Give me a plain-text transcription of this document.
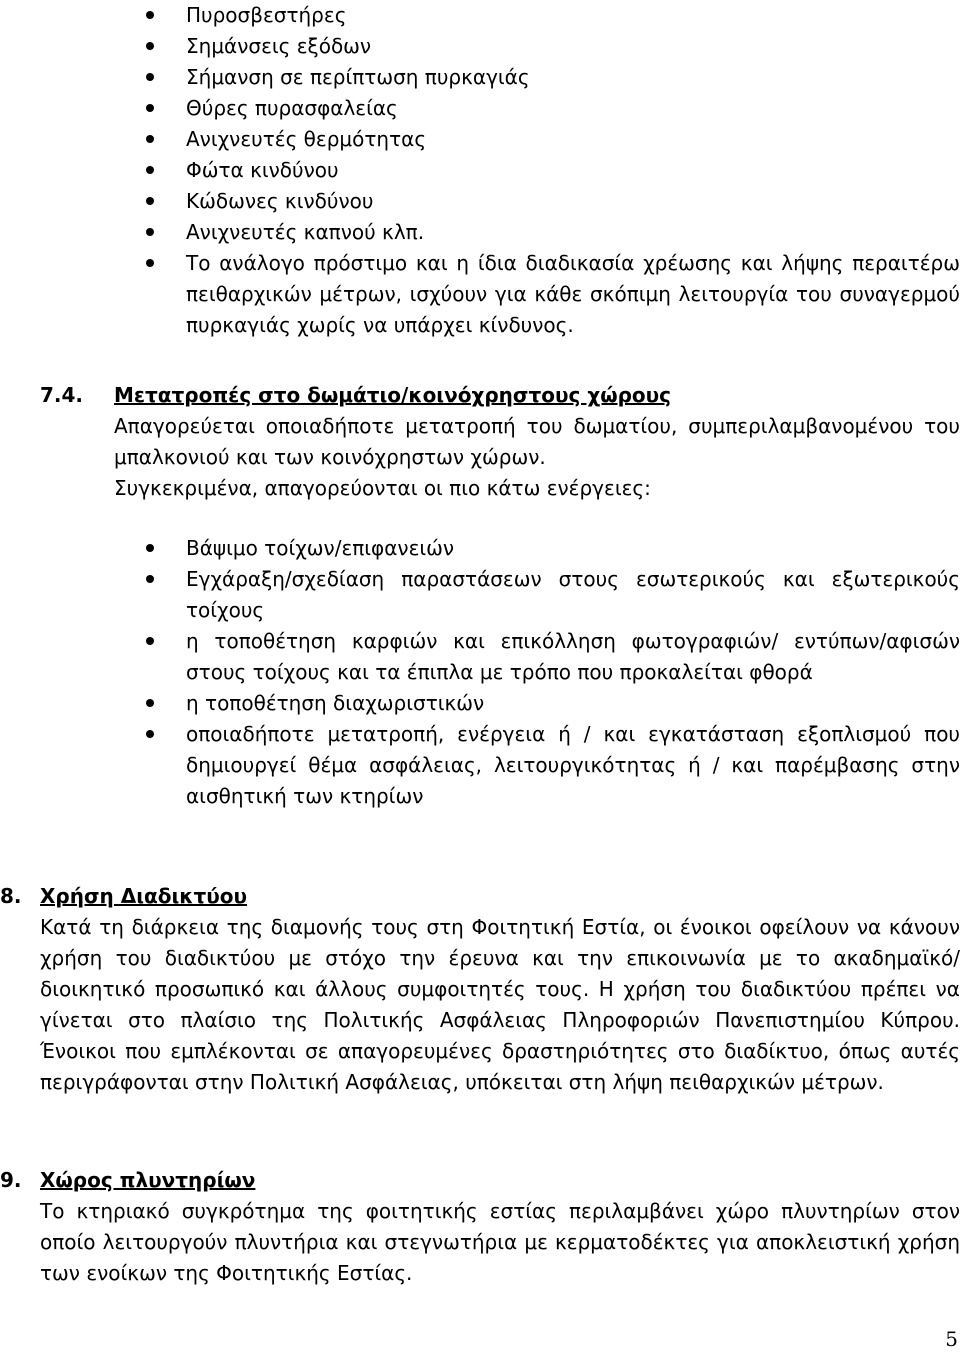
Πυροσβεστήρες
Σημάνσεις εξόδων
Σήμανση σε περίπτωση πυρκαγιάς
Θύρες πυρασφαλείας
Ανιχνευτές θερμότητας
Φώτα κινδύνου
Κώδωνες κινδύνου
Ανιχνευτές καπνού κλπ.
Το ανάλογο πρόστιμο και η ίδια διαδικασία χρέωσης και λήψης περαιτέρω πειθαρχικών μέτρων, ισχύουν για κάθε σκόπιμη λειτουργία του συναγερμού πυρκαγιάς χωρίς να υπάρχει κίνδυνος.
7.4. Μετατροπές στο δωμάτιο/κοινόχρηστους χώρους
Απαγορεύεται οποιαδήποτε μετατροπή του δωματίου, συμπεριλαμβανομένου του μπαλκονιού και των κοινόχρηστων χώρων.
Συγκεκριμένα, απαγορεύονται οι πιο κάτω ενέργειες:
Βάψιμο τοίχων/επιφανειών
Εγχάραξη/σχεδίαση παραστάσεων στους εσωτερικούς και εξωτερικούς τοίχους
η τοποθέτηση καρφιών και επικόλληση φωτογραφιών/ εντύπων/αφισών στους τοίχους και τα έπιπλα με τρόπο που προκαλείται φθορά
η τοποθέτηση διαχωριστικών
οποιαδήποτε μετατροπή, ενέργεια ή / και εγκατάσταση εξοπλισμού που δημιουργεί θέμα ασφάλειας, λειτουργικότητας ή / και παρέμβασης στην αισθητική των κτηρίων
8. Χρήση Διαδικτύου
Κατά τη διάρκεια της διαμονής τους στη Φοιτητική Εστία, οι ένοικοι οφείλουν να κάνουν χρήση του διαδικτύου με στόχο την έρευνα και την επικοινωνία με το ακαδημαϊκό/διοικητικό προσωπικό και άλλους συμφοιτητές τους. Η χρήση του διαδικτύου πρέπει να γίνεται στο πλαίσιο της Πολιτικής Ασφάλειας Πληροφοριών Πανεπιστημίου Κύπρου. Ένοικοι που εμπλέκονται σε απαγορευμένες δραστηριότητες στο διαδίκτυο, όπως αυτές περιγράφονται στην Πολιτική Ασφάλειας, υπόκειται στη λήψη πειθαρχικών μέτρων.
9. Χώρος πλυντηρίων
Το κτηριακό συγκρότημα της φοιτητικής εστίας περιλαμβάνει χώρο πλυντηρίων στον οποίο λειτουργούν πλυντήρια και στεγνωτήρια με κερματοδέκτες για αποκλειστική χρήση των ενοίκων της Φοιτητικής Εστίας.
5
